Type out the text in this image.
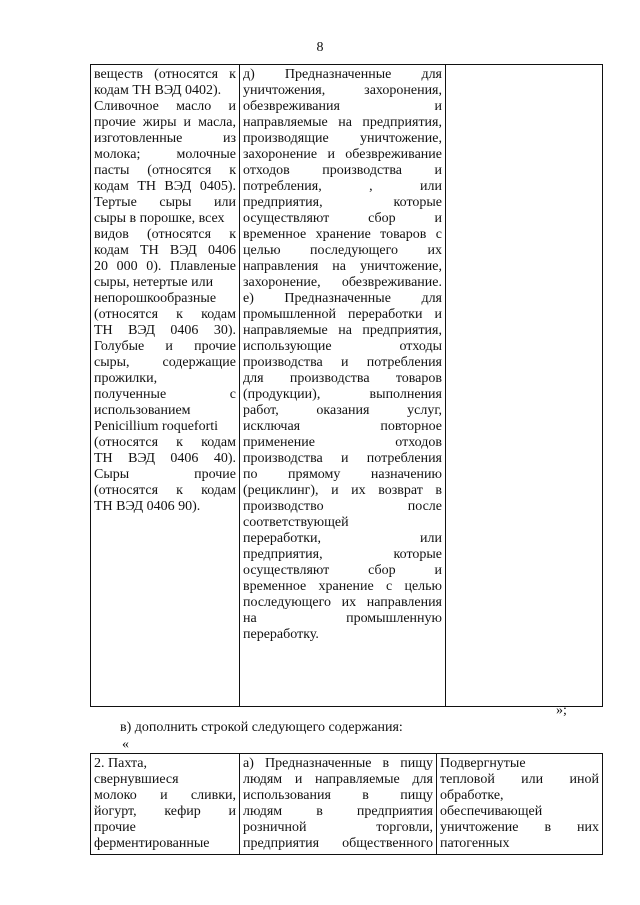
8
веществ (относятся к
кодам ТН ВЭД 0402).
Сливочное масло и
прочие жиры и масла,
изготовленные из
молока; молочные
пасты (относятся к
кодам ТН ВЭД 0405).
Тертые сыры или
сыры в порошке, всех
видов (относятся к
кодам ТН ВЭД 0406
20 000 0). Плавленые
сыры, нетертые или
непорошкообразные
(относятся к кодам
ТН ВЭД 0406 30).
Голубые и прочие
сыры, содержащие
прожилки,
полученные с
использованием
Penicillium roqueforti
(относятся к кодам
ТН ВЭД 0406 40).
Сыры прочие
(относятся к кодам
ТН ВЭД 0406 90).

д) Предназначенные для
уничтожения, захоронения,
обезвреживания и
направляемые на предприятия,
производящие уничтожение,
захоронение и обезвреживание
отходов производства и
потребления, , или
предприятия, которые
осуществляют сбор и
временное хранение товаров с
целью последующего их
направления на уничтожение,
захоронение, обезвреживание.
е) Предназначенные для
промышленной переработки и
направляемые на предприятия,
использующие отходы
производства и потребления
для производства товаров
(продукции), выполнения
работ, оказания услуг,
исключая повторное
применение отходов
производства и потребления
по прямому назначению
(рециклинг), и их возврат в
производство после
соответствующей
переработки, или
предприятия, которые
осуществляют сбор и
временное хранение с целью
последующего их направления
на промышленную
переработку.

»;
в) дополнить строкой следующего содержания:
«
2. Пахта,
свернувшиеся
молоко и сливки,
йогурт, кефир и
прочие
ферментированные

а) Предназначенные в пищу
людям и направляемые для
использования в пищу
людям в предприятия
розничной торговли,
предприятия общественного

Подвергнутые
тепловой или иной
обработке,
обеспечивающей
уничтожение в них
патогенных
